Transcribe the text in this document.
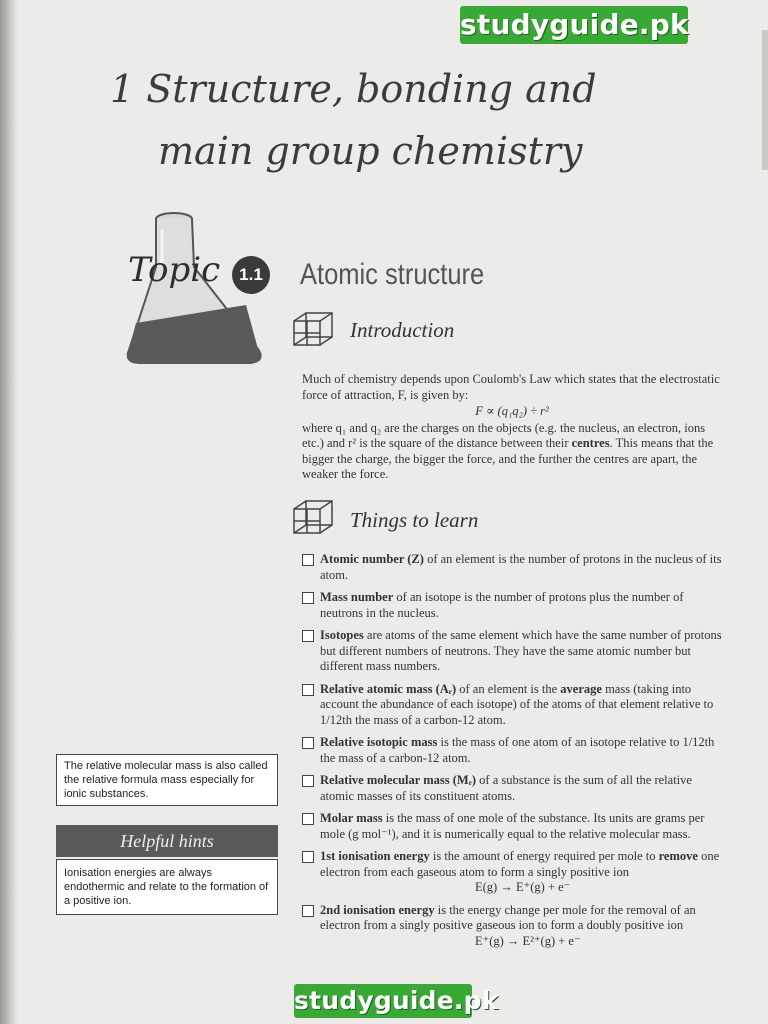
studyguide.pk
1 Structure, bonding and
main group chemistry
Topic	1.1 Atomic structure
Introduction
Much of chemistry depends upon Coulomb's Law which states that the electrostatic force of attraction, F, is given by:
F ∝ (q₁q₂) ÷ r²
where q₁ and q₂ are the charges on the objects (e.g. the nucleus, an electron, ions etc.) and r² is the square of the distance between their centres. This means that the bigger the charge, the bigger the force, and the further the centres are apart, the weaker the force.
Things to learn
Atomic number (Z) of an element is the number of protons in the nucleus of its atom.
Mass number of an isotope is the number of protons plus the number of neutrons in the nucleus.
Isotopes are atoms of the same element which have the same number of protons but different numbers of neutrons. They have the same atomic number but different mass numbers.
Relative atomic mass (Aᵣ) of an element is the average mass (taking into account the abundance of each isotope) of the atoms of that element relative to 1/12th the mass of a carbon-12 atom.
Relative isotopic mass is the mass of one atom of an isotope relative to 1/12th the mass of a carbon-12 atom.
Relative molecular mass (Mᵣ) of a substance is the sum of all the relative atomic masses of its constituent atoms.
Molar mass is the mass of one mole of the substance. Its units are grams per mole (g mol⁻¹), and it is numerically equal to the relative molecular mass.
1st ionisation energy is the amount of energy required per mole to remove one electron from each gaseous atom to form a singly positive ion
E(g) → E⁺(g) + e⁻
2nd ionisation energy is the energy change per mole for the removal of an electron from a singly positive gaseous ion to form a doubly positive ion
E⁺(g) → E²⁺(g) + e⁻
The relative molecular mass is also called the relative formula mass especially for ionic substances.
Helpful hints
Ionisation energies are always endothermic and relate to the formation of a positive ion.
studyguide.pk
